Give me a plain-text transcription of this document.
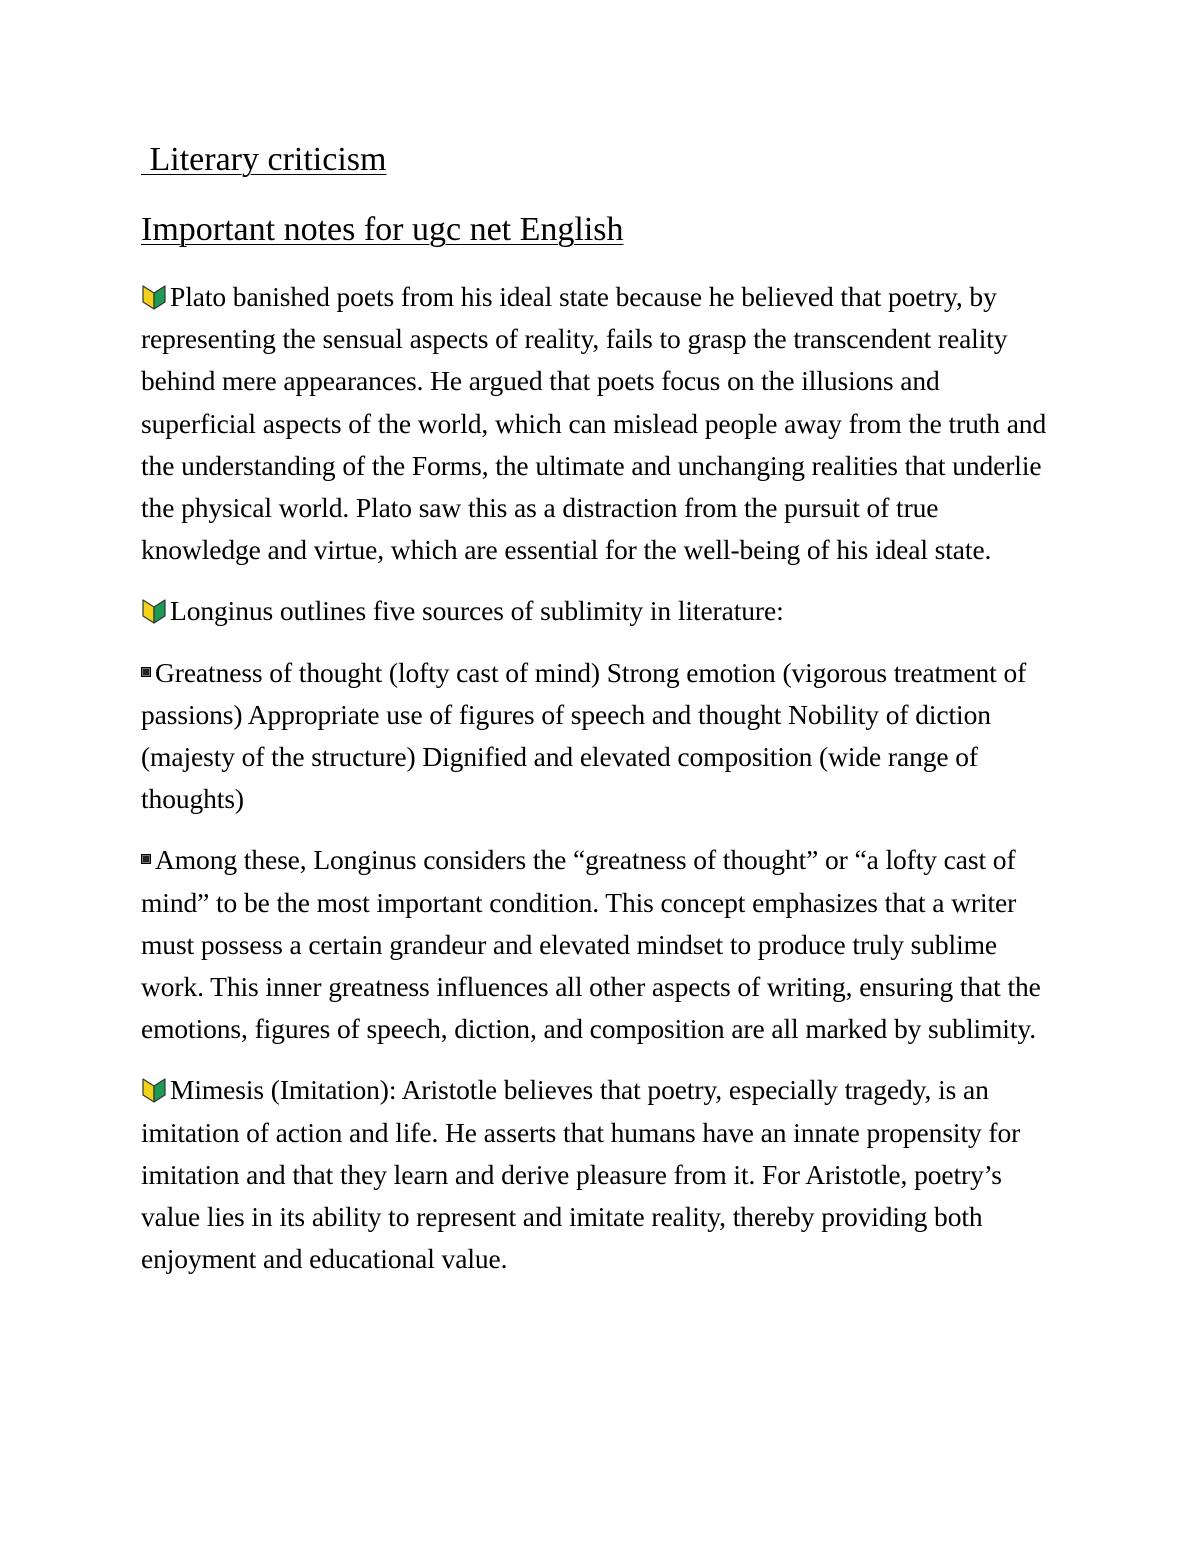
Literary criticism
Important notes for ugc net English

Plato banished poets from his ideal state because he believed that poetry, by representing the sensual aspects of reality, fails to grasp the transcendent reality behind mere appearances. He argued that poets focus on the illusions and superficial aspects of the world, which can mislead people away from the truth and the understanding of the Forms, the ultimate and unchanging realities that underlie the physical world. Plato saw this as a distraction from the pursuit of true knowledge and virtue, which are essential for the well-being of his ideal state.

Longinus outlines five sources of sublimity in literature:

Greatness of thought (lofty cast of mind) Strong emotion (vigorous treatment of passions) Appropriate use of figures of speech and thought Nobility of diction (majesty of the structure) Dignified and elevated composition (wide range of thoughts)

Among these, Longinus considers the “greatness of thought” or “a lofty cast of mind” to be the most important condition. This concept emphasizes that a writer must possess a certain grandeur and elevated mindset to produce truly sublime work. This inner greatness influences all other aspects of writing, ensuring that the emotions, figures of speech, diction, and composition are all marked by sublimity.

Mimesis (Imitation): Aristotle believes that poetry, especially tragedy, is an imitation of action and life. He asserts that humans have an innate propensity for imitation and that they learn and derive pleasure from it. For Aristotle, poetry’s value lies in its ability to represent and imitate reality, thereby providing both enjoyment and educational value.
